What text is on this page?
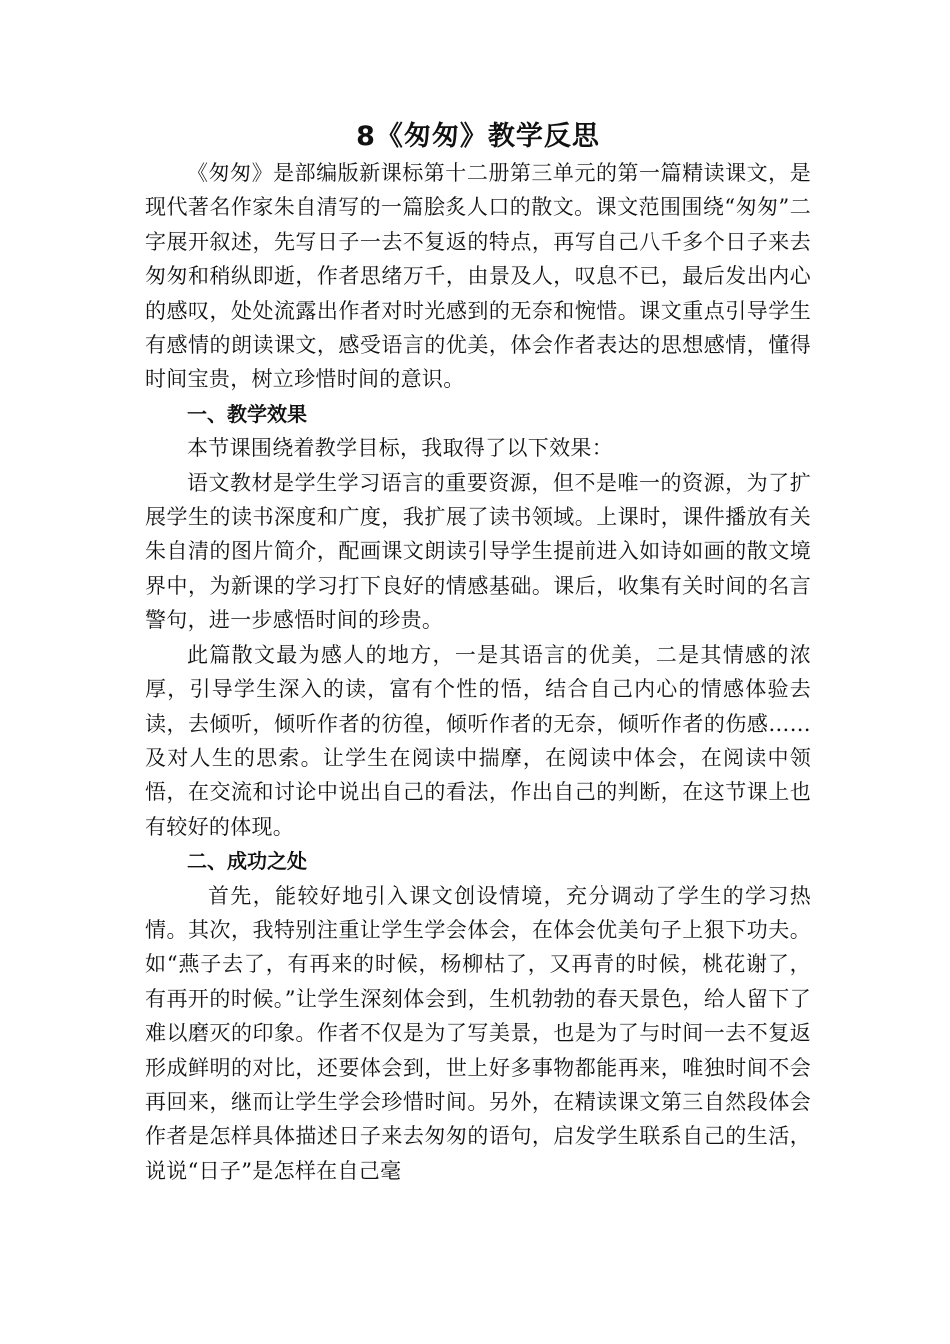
8《匆匆》教学反思

《匆匆》是部编版新课标第十二册第三单元的第一篇精读课文，是现代著名作家朱自清写的一篇脍炙人口的散文。课文范围围绕“匆匆”二字展开叙述，先写日子一去不复返的特点，再写自己八千多个日子来去匆匆和稍纵即逝，作者思绪万千，由景及人，叹息不已，最后发出内心的感叹，处处流露出作者对时光感到的无奈和惋惜。课文重点引导学生有感情的朗读课文，感受语言的优美，体会作者表达的思想感情，懂得时间宝贵，树立珍惜时间的意识。

一、教学效果

本节课围绕着教学目标，我取得了以下效果：

语文教材是学生学习语言的重要资源，但不是唯一的资源，为了扩展学生的读书深度和广度，我扩展了读书领域。上课时，课件播放有关朱自清的图片简介，配画课文朗读引导学生提前进入如诗如画的散文境界中，为新课的学习打下良好的情感基础。课后，收集有关时间的名言警句，进一步感悟时间的珍贵。

此篇散文最为感人的地方，一是其语言的优美，二是其情感的浓厚，引导学生深入的读，富有个性的悟，结合自己内心的情感体验去读，去倾听，倾听作者的彷徨，倾听作者的无奈，倾听作者的伤感……及对人生的思索。让学生在阅读中揣摩，在阅读中体会，在阅读中领悟，在交流和讨论中说出自己的看法，作出自己的判断，在这节课上也有较好的体现。

二、成功之处

首先，能较好地引入课文创设情境，充分调动了学生的学习热情。其次，我特别注重让学生学会体会，在体会优美句子上狠下功夫。如“燕子去了，有再来的时候，杨柳枯了，又再青的时候，桃花谢了，有再开的时候。”让学生深刻体会到，生机勃勃的春天景色，给人留下了难以磨灭的印象。作者不仅是为了写美景，也是为了与时间一去不复返形成鲜明的对比，还要体会到，世上好多事物都能再来，唯独时间不会再回来，继而让学生学会珍惜时间。另外，在精读课文第三自然段体会作者是怎样具体描述日子来去匆匆的语句，启发学生联系自己的生活，说说“日子”是怎样在自己毫
